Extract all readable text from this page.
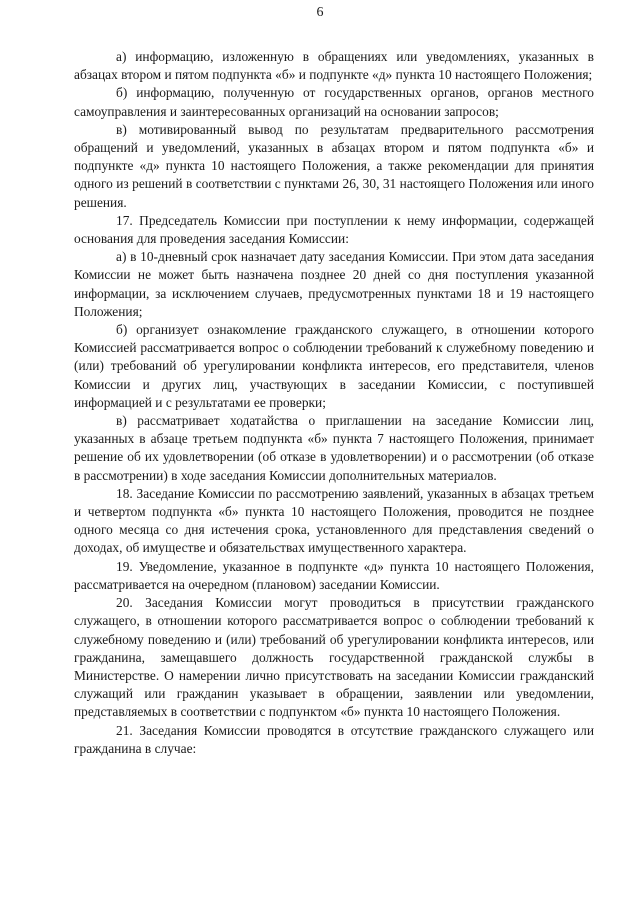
6

а) информацию, изложенную в обращениях или уведомлениях, указанных в абзацах втором и пятом подпункта «б» и подпункте «д» пункта 10 настоящего Положения;

б) информацию, полученную от государственных органов, органов местного самоуправления и заинтересованных организаций на основании запросов;

в) мотивированный вывод по результатам предварительного рассмотрения обращений и уведомлений, указанных в абзацах втором и пятом подпункта «б» и подпункте «д» пункта 10 настоящего Положения, а также рекомендации для принятия одного из решений в соответствии с пунктами 26, 30, 31 настоящего Положения или иного решения.

17. Председатель Комиссии при поступлении к нему информации, содержащей основания для проведения заседания Комиссии:

а) в 10-дневный срок назначает дату заседания Комиссии. При этом дата заседания Комиссии не может быть назначена позднее 20 дней со дня поступления указанной информации, за исключением случаев, предусмотренных пунктами 18 и 19 настоящего Положения;

б) организует ознакомление гражданского служащего, в отношении которого Комиссией рассматривается вопрос о соблюдении требований к служебному поведению и (или) требований об урегулировании конфликта интересов, его представителя, членов Комиссии и других лиц, участвующих в заседании Комиссии, с поступившей информацией и с результатами ее проверки;

в) рассматривает ходатайства о приглашении на заседание Комиссии лиц, указанных в абзаце третьем подпункта «б» пункта 7 настоящего Положения, принимает решение об их удовлетворении (об отказе в удовлетворении) и о рассмотрении (об отказе в рассмотрении) в ходе заседания Комиссии дополнительных материалов.

18. Заседание Комиссии по рассмотрению заявлений, указанных в абзацах третьем и четвертом подпункта «б» пункта 10 настоящего Положения, проводится не позднее одного месяца со дня истечения срока, установленного для представления сведений о доходах, об имуществе и обязательствах имущественного характера.

19. Уведомление, указанное в подпункте «д» пункта 10 настоящего Положения, рассматривается на очередном (плановом) заседании Комиссии.

20. Заседания Комиссии могут проводиться в присутствии гражданского служащего, в отношении которого рассматривается вопрос о соблюдении требований к служебному поведению и (или) требований об урегулировании конфликта интересов, или гражданина, замещавшего должность государственной гражданской службы в Министерстве. О намерении лично присутствовать на заседании Комиссии гражданский служащий или гражданин указывает в обращении, заявлении или уведомлении, представляемых в соответствии с подпунктом «б» пункта 10 настоящего Положения.

21. Заседания Комиссии проводятся в отсутствие гражданского служащего или гражданина в случае:
